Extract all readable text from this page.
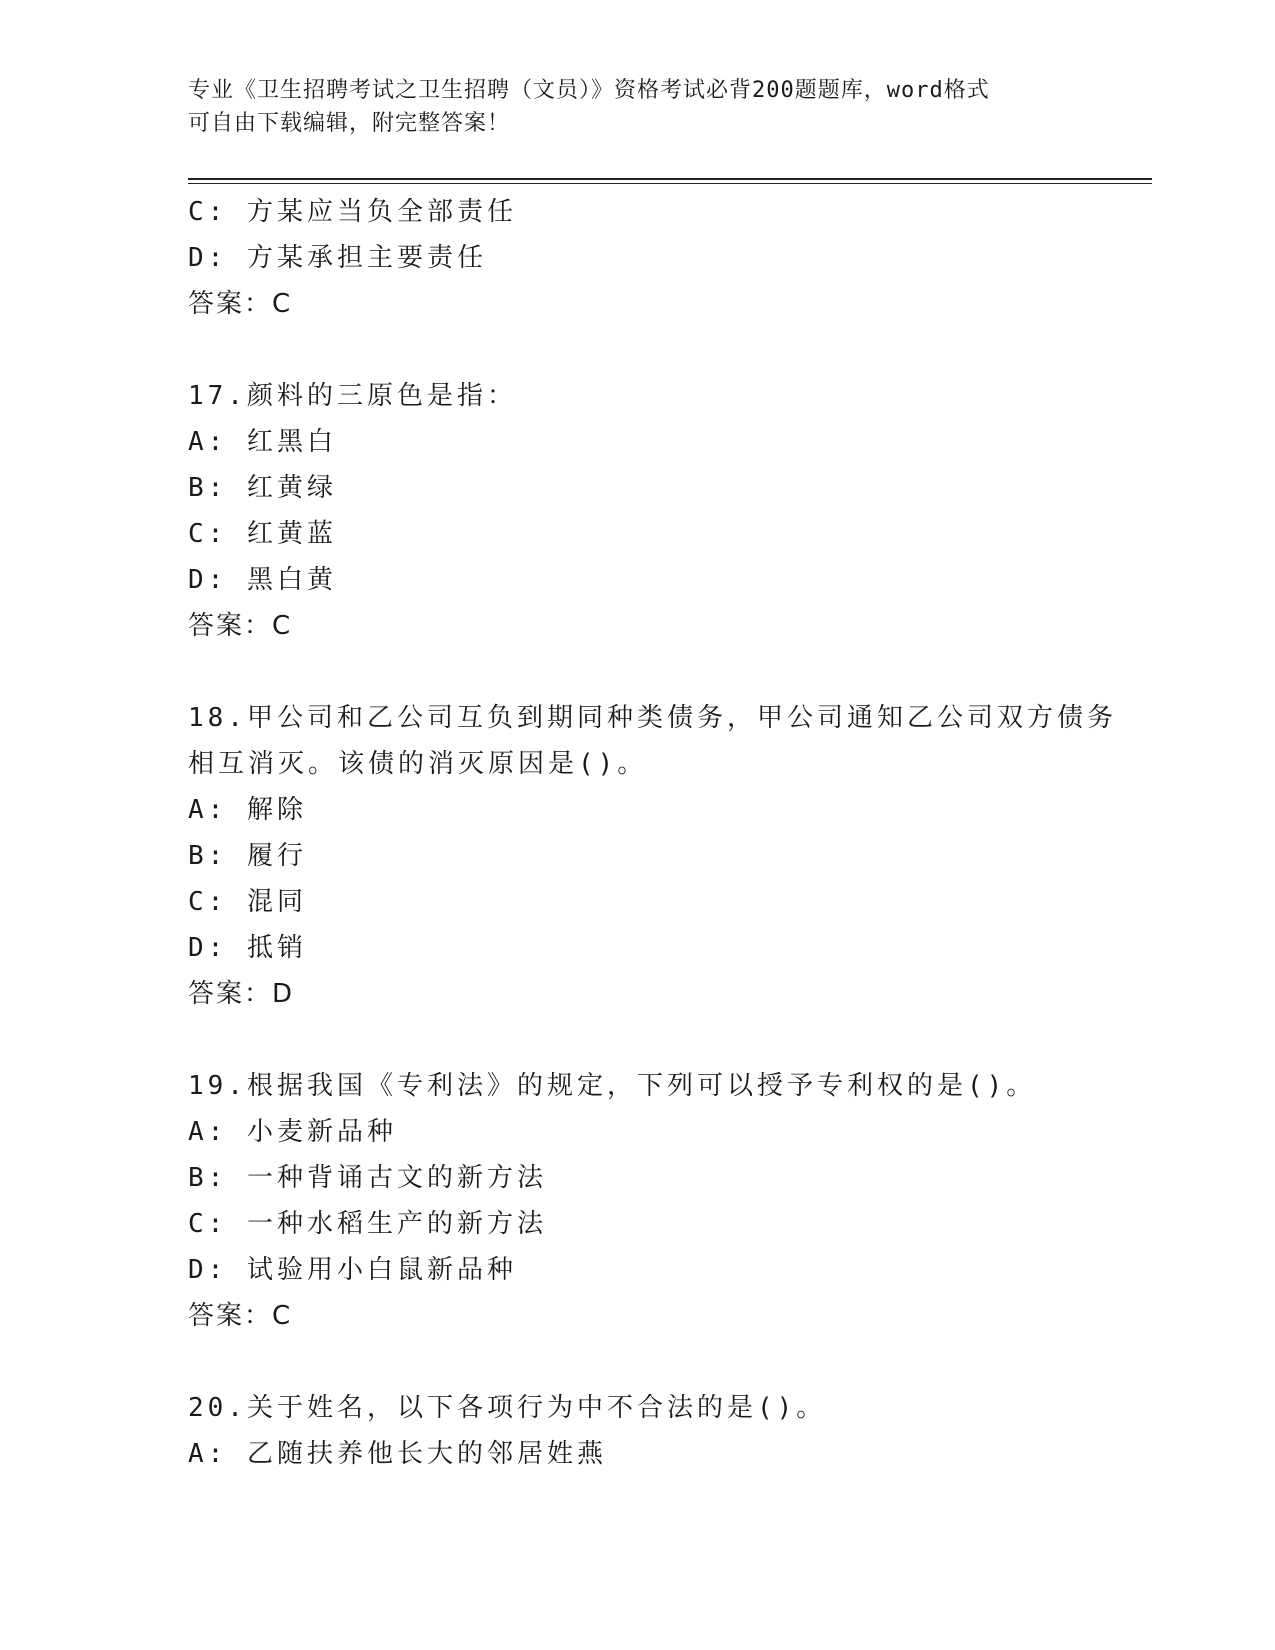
专业《卫生招聘考试之卫生招聘（文员）》资格考试必背200题题库，word格式
可自由下载编辑，附完整答案！
C: 方某应当负全部责任
D: 方某承担主要责任
答案：C
17.颜料的三原色是指：
A: 红黑白
B: 红黄绿
C: 红黄蓝
D: 黑白黄
答案：C
18.甲公司和乙公司互负到期同种类债务，甲公司通知乙公司双方债务
相互消灭。该债的消灭原因是()。
A: 解除
B: 履行
C: 混同
D: 抵销
答案：D
19.根据我国《专利法》的规定，下列可以授予专利权的是()。
A: 小麦新品种
B: 一种背诵古文的新方法
C: 一种水稻生产的新方法
D: 试验用小白鼠新品种
答案：C
20.关于姓名，以下各项行为中不合法的是()。
A: 乙随扶养他长大的邻居姓燕
